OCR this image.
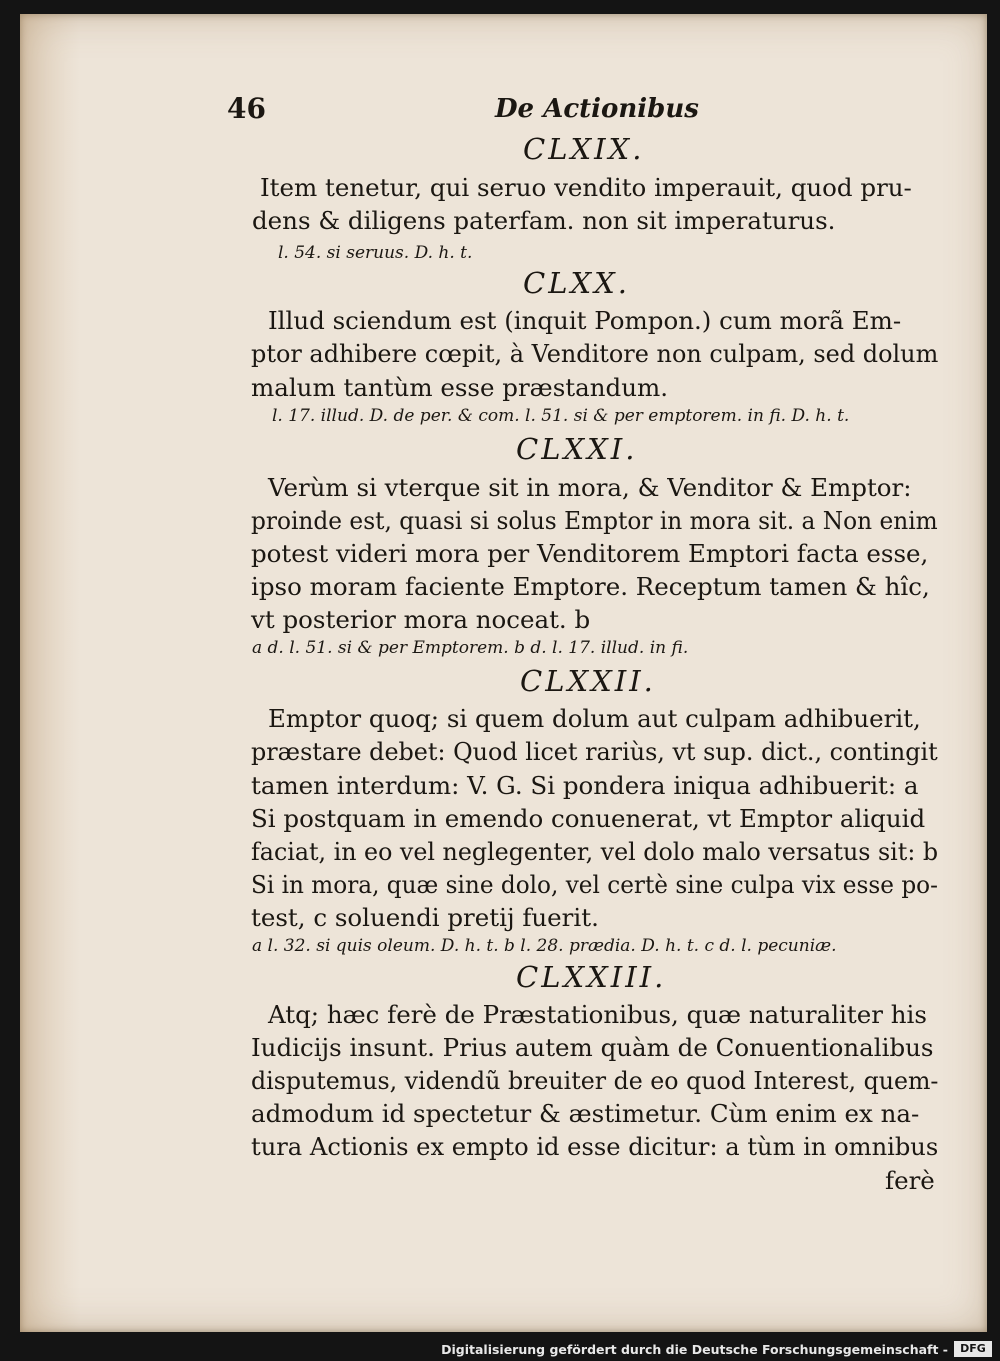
46	De Actionibus
CLXIX.
Item tenetur, qui seruo vendito imperauit, quod pru-
dens & diligens paterfam. non sit imperaturus.
l. 54. si seruus. D. h. t.
CLXX.
Illud sciendum est (inquit Pompon.) cum morã Em-
ptor adhibere cœpit, à Venditore non culpam, sed dolum
malum tantùm esse præstandum.
l. 17. illud. D. de per. & com. l. 51. si & per emptorem. in fi. D. h. t.
CLXXI.
Verùm si vterque sit in mora, & Venditor & Emptor:
proinde est, quasi si solus Emptor in mora sit. a Non enim
potest videri mora per Venditorem Emptori facta esse,
ipso moram faciente Emptore. Receptum tamen & hîc,
vt posterior mora noceat. b
a d. l. 51. si & per Emptorem. b d. l. 17. illud. in fi.
CLXXII.
Emptor quoq; si quem dolum aut culpam adhibuerit,
præstare debet: Quod licet rariùs, vt sup. dict., contingit
tamen interdum: V. G. Si pondera iniqua adhibuerit: a
Si postquam in emendo conuenerat, vt Emptor aliquid
faciat, in eo vel neglegenter, vel dolo malo versatus sit: b
Si in mora, quæ sine dolo, vel certè sine culpa vix esse po-
test, c soluendi pretij fuerit.
a l. 32. si quis oleum. D. h. t. b l. 28. prædia. D. h. t. c d. l. pecuniæ.
CLXXIII.
Atq; hæc ferè de Præstationibus, quæ naturaliter his
Iudicijs insunt. Prius autem quàm de Conuentionalibus
disputemus, videndũ breuiter de eo quod Interest, quem-
admodum id spectetur & æstimetur. Cùm enim ex na-
tura Actionis ex empto id esse dicitur: a tùm in omnibus
ferè
Digitalisierung gefördert durch die Deutsche Forschungsgemeinschaft -	DFG
